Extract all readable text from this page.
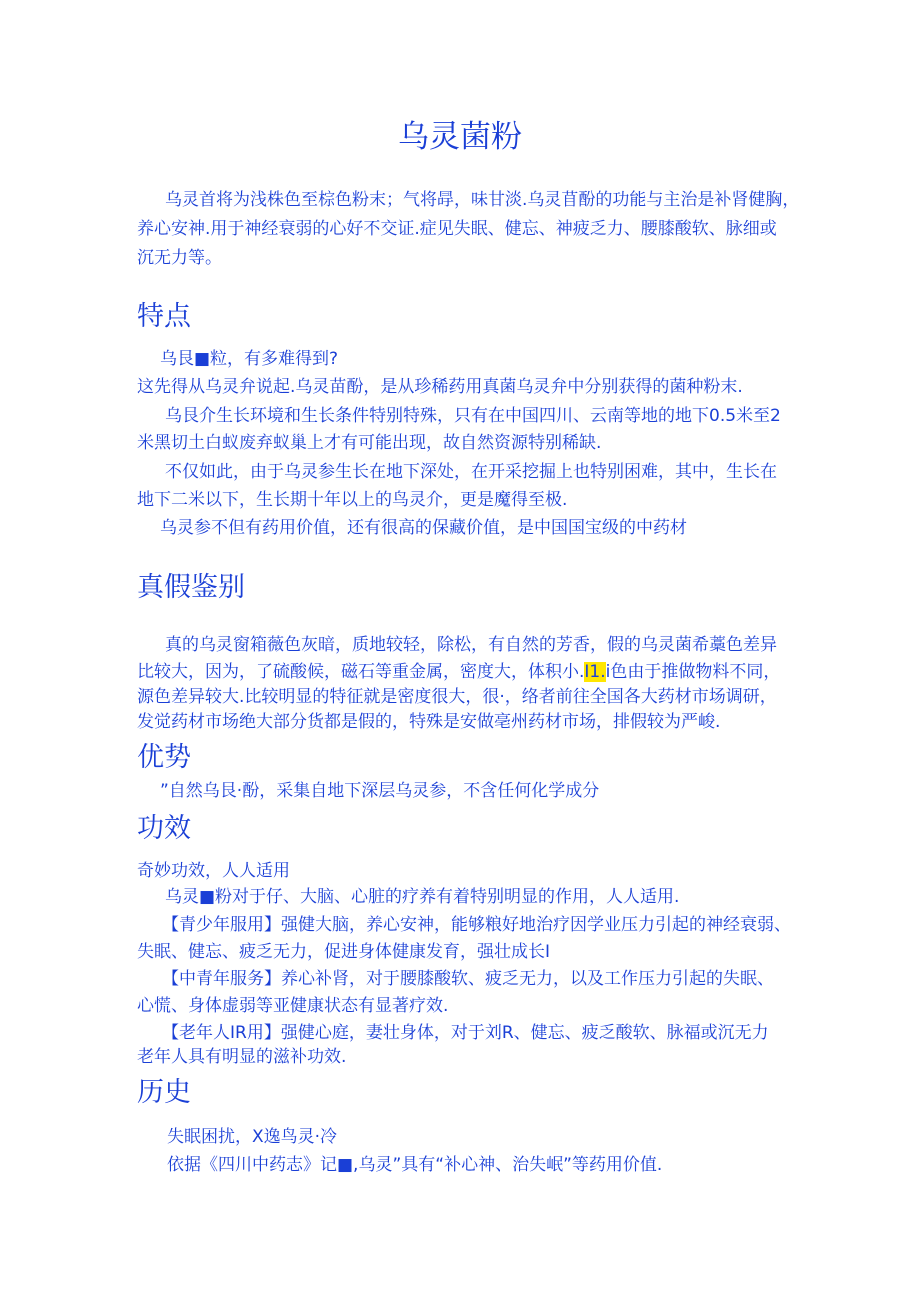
乌灵菌粉
乌灵首将为浅株色至棕色粉末；气将冔，味甘淡.乌灵苜酚的功能与主治是补肾健胸，
养心安神.用于神经衰弱的心好不交证.症见失眠、健忘、神疲乏力、腰膝酸软、脉细或
沉无力等。
特点
乌艮■粒，有多难得到?
这先得从乌灵弁说起.乌灵苗酚，是从珍稀药用真菌乌灵弁中分别获得的菌种粉末.
乌艮介生长环境和生长条件特别特殊，只有在中国四川、云南等地的地下0.5米至2
米黑切土白蚁废弃蚁巢上才有可能出现，故自然资源特别稀缺.
不仅如此，由于乌灵参生长在地下深处，在开采挖掘上也特别困难，其中，生长在
地下二米以下，生长期十年以上的鸟灵介，更是魔得至极.
乌灵参不但有药用价值，还有很高的保藏价值，是中国国宝级的中药材
真假鉴别
真的乌灵窗箱薇色灰暗，质地较轻，除松，有自然的芳香，假的乌灵菌希藁色差异
比较大，因为，了硫酸候，磁石等重金属，密度大，体积小.I1.i色由于推做物料不同，
源色差异较大.比较明显的特征就是密度很大，很·，络者前往全国各大药材市场调研，
发觉药材市场绝大部分货都是假的，特殊是安做亳州药材市场，排假较为严峻.
优势
”自然乌艮·酚，采集自地下深层乌灵参，不含任何化学成分
功效
奇妙功效，人人适用
乌灵■粉对于仔、大脑、心脏的疗养有着特别明显的作用，人人适用.
【青少年服用】强健大脑，养心安神，能够粮好地治疗因学业压力引起的神经衰弱、
失眠、健忘、疲乏无力，促进身体健康发育，强壮成长I
【中青年服务】养心补肾，对于腰膝酸软、疲乏无力，以及工作压力引起的失眠、
心慌、身体虚弱等亚健康状态有显著疗效.
【老年人IR用】强健心庭，妻壮身体，对于刘R、健忘、疲乏酸软、脉福或沉无力
老年人具有明显的滋补功效.
历史
失眠困扰，X逸鸟灵·冷
依据《四川中药志》记■,乌灵”具有“补心神、治失岷”等药用价值.
